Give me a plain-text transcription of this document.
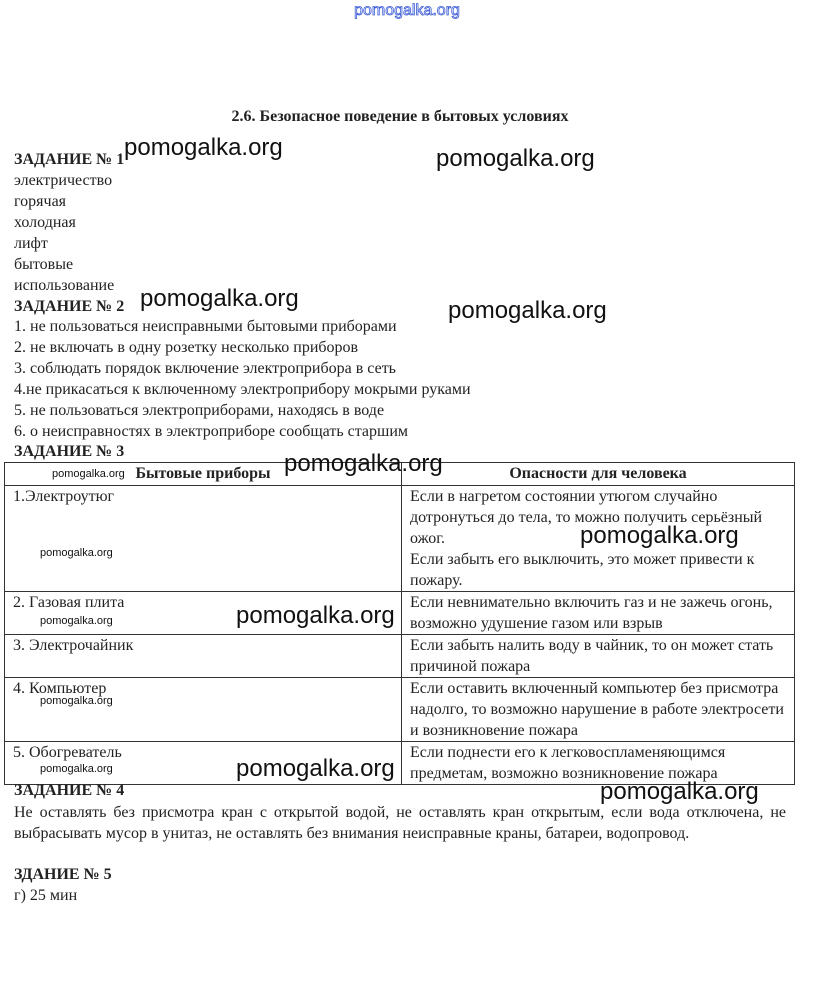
pomogalka.org
2.6. Безопасное поведение в бытовых условиях
ЗАДАНИЕ № 1
электричество
горячая
холодная
лифт
бытовые
использование
ЗАДАНИЕ № 2
1. не пользоваться неисправными бытовыми приборами
2. не включать в одну розетку несколько приборов
3. соблюдать порядок включение электроприбора в сеть
4.не прикасаться к включенному электроприбору мокрыми руками
5. не пользоваться электроприборами, находясь в воде
6. о неисправностях в электроприборе сообщать старшим
ЗАДАНИЕ № 3
Бытовые приборы	Опасности для человека
1.Электроутюг	Если в нагретом состоянии утюгом случайно дотронуться до тела, то можно получить серьёзный ожог.
Если забыть его выключить, это может привести к пожару.

2. Газовая плита	Если невнимательно включить газ и не зажечь огонь, возможно удушение газом или взрыв
3. Электрочайник	Если забыть налить воду в чайник, то он может стать причиной пожара
4. Компьютер	Если оставить включенный компьютер без присмотра надолго, то возможно нарушение в работе электросети и возникновение пожара
5. Обогреватель	Если поднести его к легковоспламеняющимся предметам, возможно возникновение пожара
ЗАДАНИЕ № 4
Не оставлять без присмотра кран с открытой водой, не оставлять кран открытым, если вода отключена, не выбрасывать мусор в унитаз, не оставлять без внимания неисправные краны, батареи, водопровод.
ЗДАНИЕ № 5
г) 25 мин
pomogalka.org	pomogalka.org
pomogalka.org	pomogalka.org
pomogalka.org
pomogalka.org
pomogalka.org
pomogalka.org
pomogalka.org
pomogalka.org
pomogalka.org
pomogalka.org
pomogalka.org
pomogalka.org
